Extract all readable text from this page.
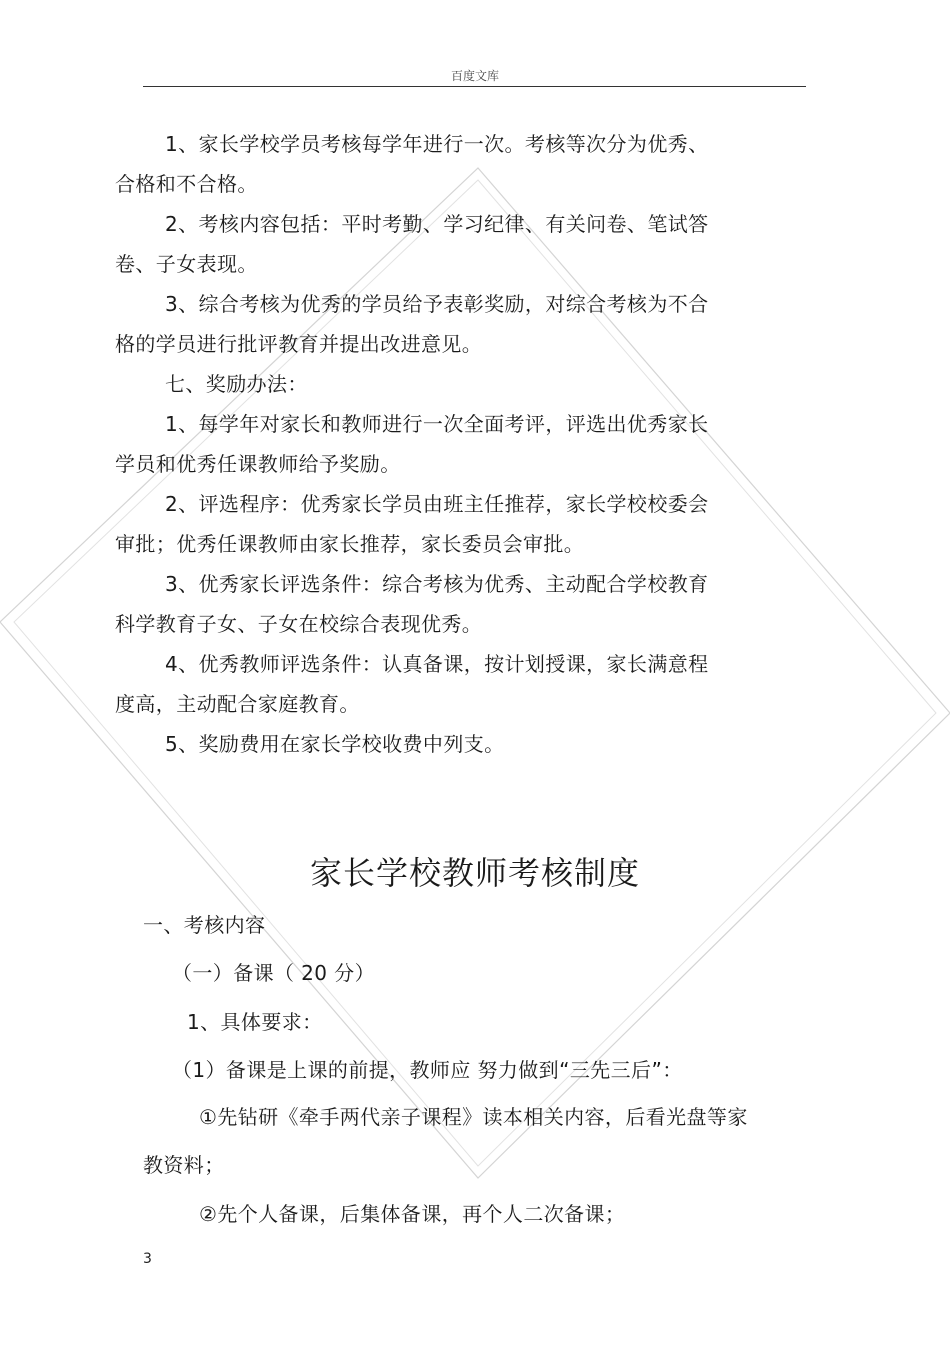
百度文库
1、家长学校学员考核每学年进行一次。考核等次分为优秀、
合格和不合格。
2、考核内容包括：平时考勤、学习纪律、有关问卷、笔试答
卷、子女表现。
3、综合考核为优秀的学员给予表彰奖励，对综合考核为不合
格的学员进行批评教育并提出改进意见。
七、奖励办法：
1、每学年对家长和教师进行一次全面考评，评选出优秀家长
学员和优秀任课教师给予奖励。
2、评选程序：优秀家长学员由班主任推荐，家长学校校委会
审批；优秀任课教师由家长推荐，家长委员会审批。
3、优秀家长评选条件：综合考核为优秀、主动配合学校教育
科学教育子女、子女在校综合表现优秀。
4、优秀教师评选条件：认真备课，按计划授课，家长满意程
度高，主动配合家庭教育。
5、奖励费用在家长学校收费中列支。
家长学校教师考核制度
一、考核内容
（一）备课（ 20 分）
1、具体要求：
（1）备课是上课的前提，教师应 努力做到“三先三后”：
①先钻研《牵手两代亲子课程》读本相关内容，后看光盘等家
教资料；
②先个人备课，后集体备课，再个人二次备课；
3
